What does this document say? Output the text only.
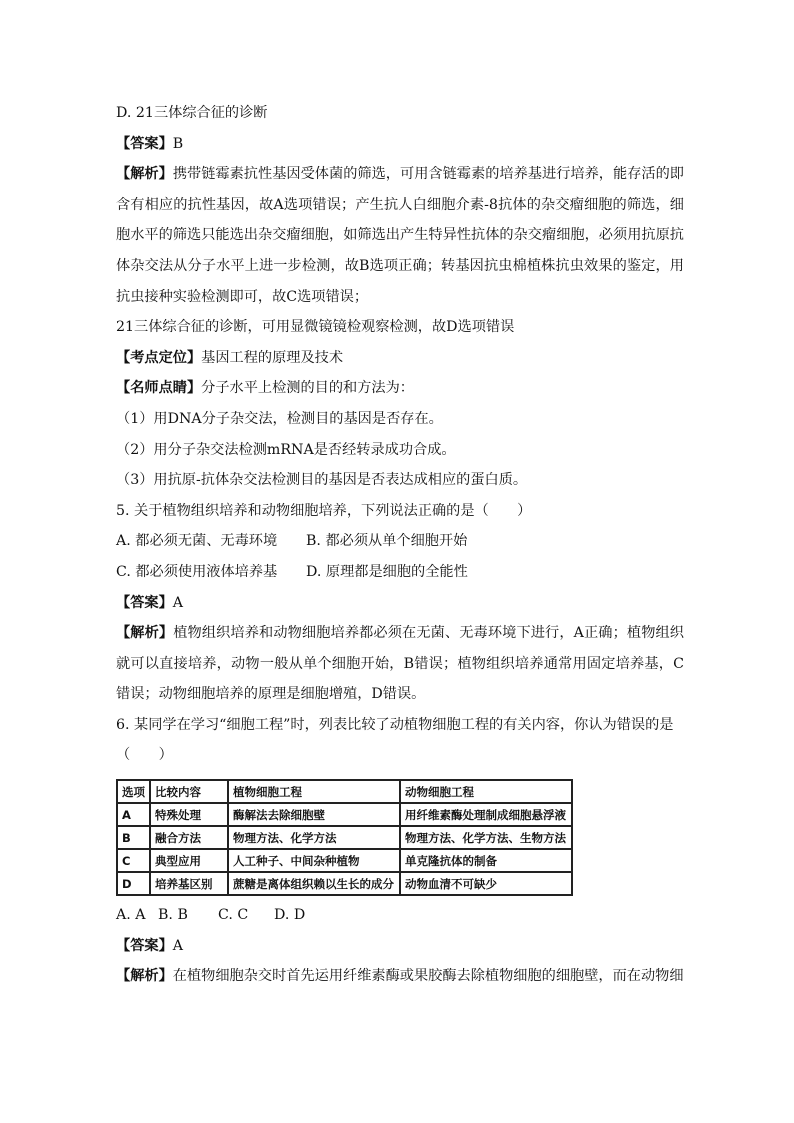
D. 21三体综合征的诊断
【答案】B
【解析】携带链霉素抗性基因受体菌的筛选，可用含链霉素的培养基进行培养，能存活的即含有相应的抗性基因，故A选项错误；产生抗人白细胞介素-8抗体的杂交瘤细胞的筛选，细胞水平的筛选只能选出杂交瘤细胞，如筛选出产生特异性抗体的杂交瘤细胞，必须用抗原抗体杂交法从分子水平上进一步检测，故B选项正确；转基因抗虫棉植株抗虫效果的鉴定，用抗虫接种实验检测即可，故C选项错误；
21三体综合征的诊断，可用显微镜镜检观察检测，故D选项错误
【考点定位】基因工程的原理及技术
【名师点睛】分子水平上检测的目的和方法为：
（1）用DNA分子杂交法，检测目的基因是否存在。
（2）用分子杂交法检测mRNA是否经转录成功合成。
（3）用抗原-抗体杂交法检测目的基因是否表达成相应的蛋白质。
5. 关于植物组织培养和动物细胞培养，下列说法正确的是（　　）
A. 都必须无菌、无毒环境 B. 都必须从单个细胞开始
C. 都必须使用液体培养基 D. 原理都是细胞的全能性
【答案】A
【解析】植物组织培养和动物细胞培养都必须在无菌、无毒环境下进行，A正确；植物组织就可以直接培养，动物一般从单个细胞开始，B错误；植物组织培养通常用固定培养基，C错误；动物细胞培养的原理是细胞增殖，D错误。
6. 某同学在学习“细胞工程”时，列表比较了动植物细胞工程的有关内容，你认为错误的是
（　　）
选项	比较内容	植物细胞工程	动物细胞工程
A	特殊处理	酶解法去除细胞壁	用纤维素酶处理制成细胞悬浮液
B	融合方法	物理方法、化学方法	物理方法、化学方法、生物方法
C	典型应用	人工种子、中间杂种植物	单克隆抗体的制备
D	培养基区别	蔗糖是离体组织赖以生长的成分	动物血清不可缺少
A. A B. B C. C D. D
【答案】A
【解析】在植物细胞杂交时首先运用纤维素酶或果胶酶去除植物细胞的细胞壁，而在动物细
